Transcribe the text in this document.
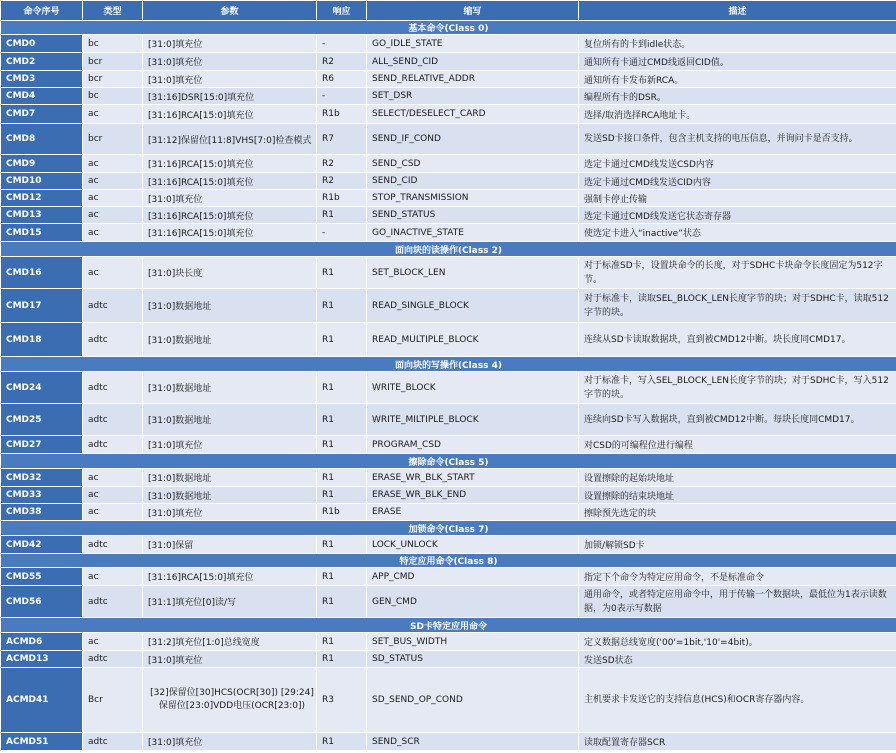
命令序号	类型	参数	响应	缩写	描述
基本命令(Class 0)					
CMD0	bc	[31:0]填充位	-	GO_IDLE_STATE	复位所有的卡到idle状态。
CMD2	bcr	[31:0]填充位	R2	ALL_SEND_CID	通知所有卡通过CMD线返回CID值。
CMD3	bcr	[31:0]填充位	R6	SEND_RELATIVE_ADDR	通知所有卡发布新RCA。
CMD4	bc	[31:16]DSR[15:0]填充位	-	SET_DSR	编程所有卡的DSR。
CMD7	ac	[31:16]RCA[15:0]填充位	R1b	SELECT/DESELECT_CARD	选择/取消选择RCA地址卡。
CMD8	bcr	[31:12]保留位[11:8]VHS[7:0]检查模式	R7	SEND_IF_COND	发送SD卡接口条件，包含主机支持的电压信息，并询问卡是否支持。
CMD9	ac	[31:16]RCA[15:0]填充位	R2	SEND_CSD	选定卡通过CMD线发送CSD内容
CMD10	ac	[31:16]RCA[15:0]填充位	R2	SEND_CID	选定卡通过CMD线发送CID内容
CMD12	ac	[31:0]填充位	R1b	STOP_TRANSMISSION	强制卡停止传输
CMD13	ac	[31:16]RCA[15:0]填充位	R1	SEND_STATUS	选定卡通过CMD线发送它状态寄存器
CMD15	ac	[31:16]RCA[15:0]填充位	-	GO_INACTIVE_STATE	使选定卡进入“inactive”状态
面向块的读操作(Class 2)					
CMD16	ac	[31:0]块长度	R1	SET_BLOCK_LEN	对于标准SD卡，设置块命令的长度，对于SDHC卡块命令长度固定为512字节。
CMD17	adtc	[31:0]数据地址	R1	READ_SINGLE_BLOCK	对于标准卡，读取SEL_BLOCK_LEN长度字节的块；对于SDHC卡，读取512字节的块。
CMD18	adtc	[31:0]数据地址	R1	READ_MULTIPLE_BLOCK	连续从SD卡读取数据块，直到被CMD12中断。块长度同CMD17。
面向块的写操作(Class 4)					
CMD24	adtc	[31:0]数据地址	R1	WRITE_BLOCK	对于标准卡，写入SEL_BLOCK_LEN长度字节的块；对于SDHC卡，写入512字节的块。
CMD25	adtc	[31:0]数据地址	R1	WRITE_MILTIPLE_BLOCK	连续向SD卡写入数据块，直到被CMD12中断。每块长度同CMD17。
CMD27	adtc	[31:0]填充位	R1	PROGRAM_CSD	对CSD的可编程位进行编程
擦除命令(Class 5)					
CMD32	ac	[31:0]数据地址	R1	ERASE_WR_BLK_START	设置擦除的起始块地址
CMD33	ac	[31:0]数据地址	R1	ERASE_WR_BLK_END	设置擦除的结束块地址
CMD38	ac	[31:0]填充位	R1b	ERASE	擦除预先选定的块
加锁命令(Class 7)					
CMD42	adtc	[31:0]保留	R1	LOCK_UNLOCK	加锁/解锁SD卡
特定应用命令(Class 8)					
CMD55	ac	[31:16]RCA[15:0]填充位	R1	APP_CMD	指定下个命令为特定应用命令，不是标准命令
CMD56	adtc	[31:1]填充位[0]读/写	R1	GEN_CMD	通用命令，或者特定应用命令中，用于传输一个数据块，最低位为1表示读数据，为0表示写数据
SD卡特定应用命令					
ACMD6	ac	[31:2]填充位[1:0]总线宽度	R1	SET_BUS_WIDTH	定义数据总线宽度('00'=1bit,'10'=4bit)。
ACMD13	adtc	[31:0]填充位	R1	SD_STATUS	发送SD状态
ACMD41	Bcr	[32]保留位[30]HCS(OCR[30]) [29:24]保留位[23:0]VDD电压(OCR[23:0])	R3	SD_SEND_OP_COND	主机要求卡发送它的支持信息(HCS)和OCR寄存器内容。
ACMD51	adtc	[31:0]填充位	R1	SEND_SCR	读取配置寄存器SCR
